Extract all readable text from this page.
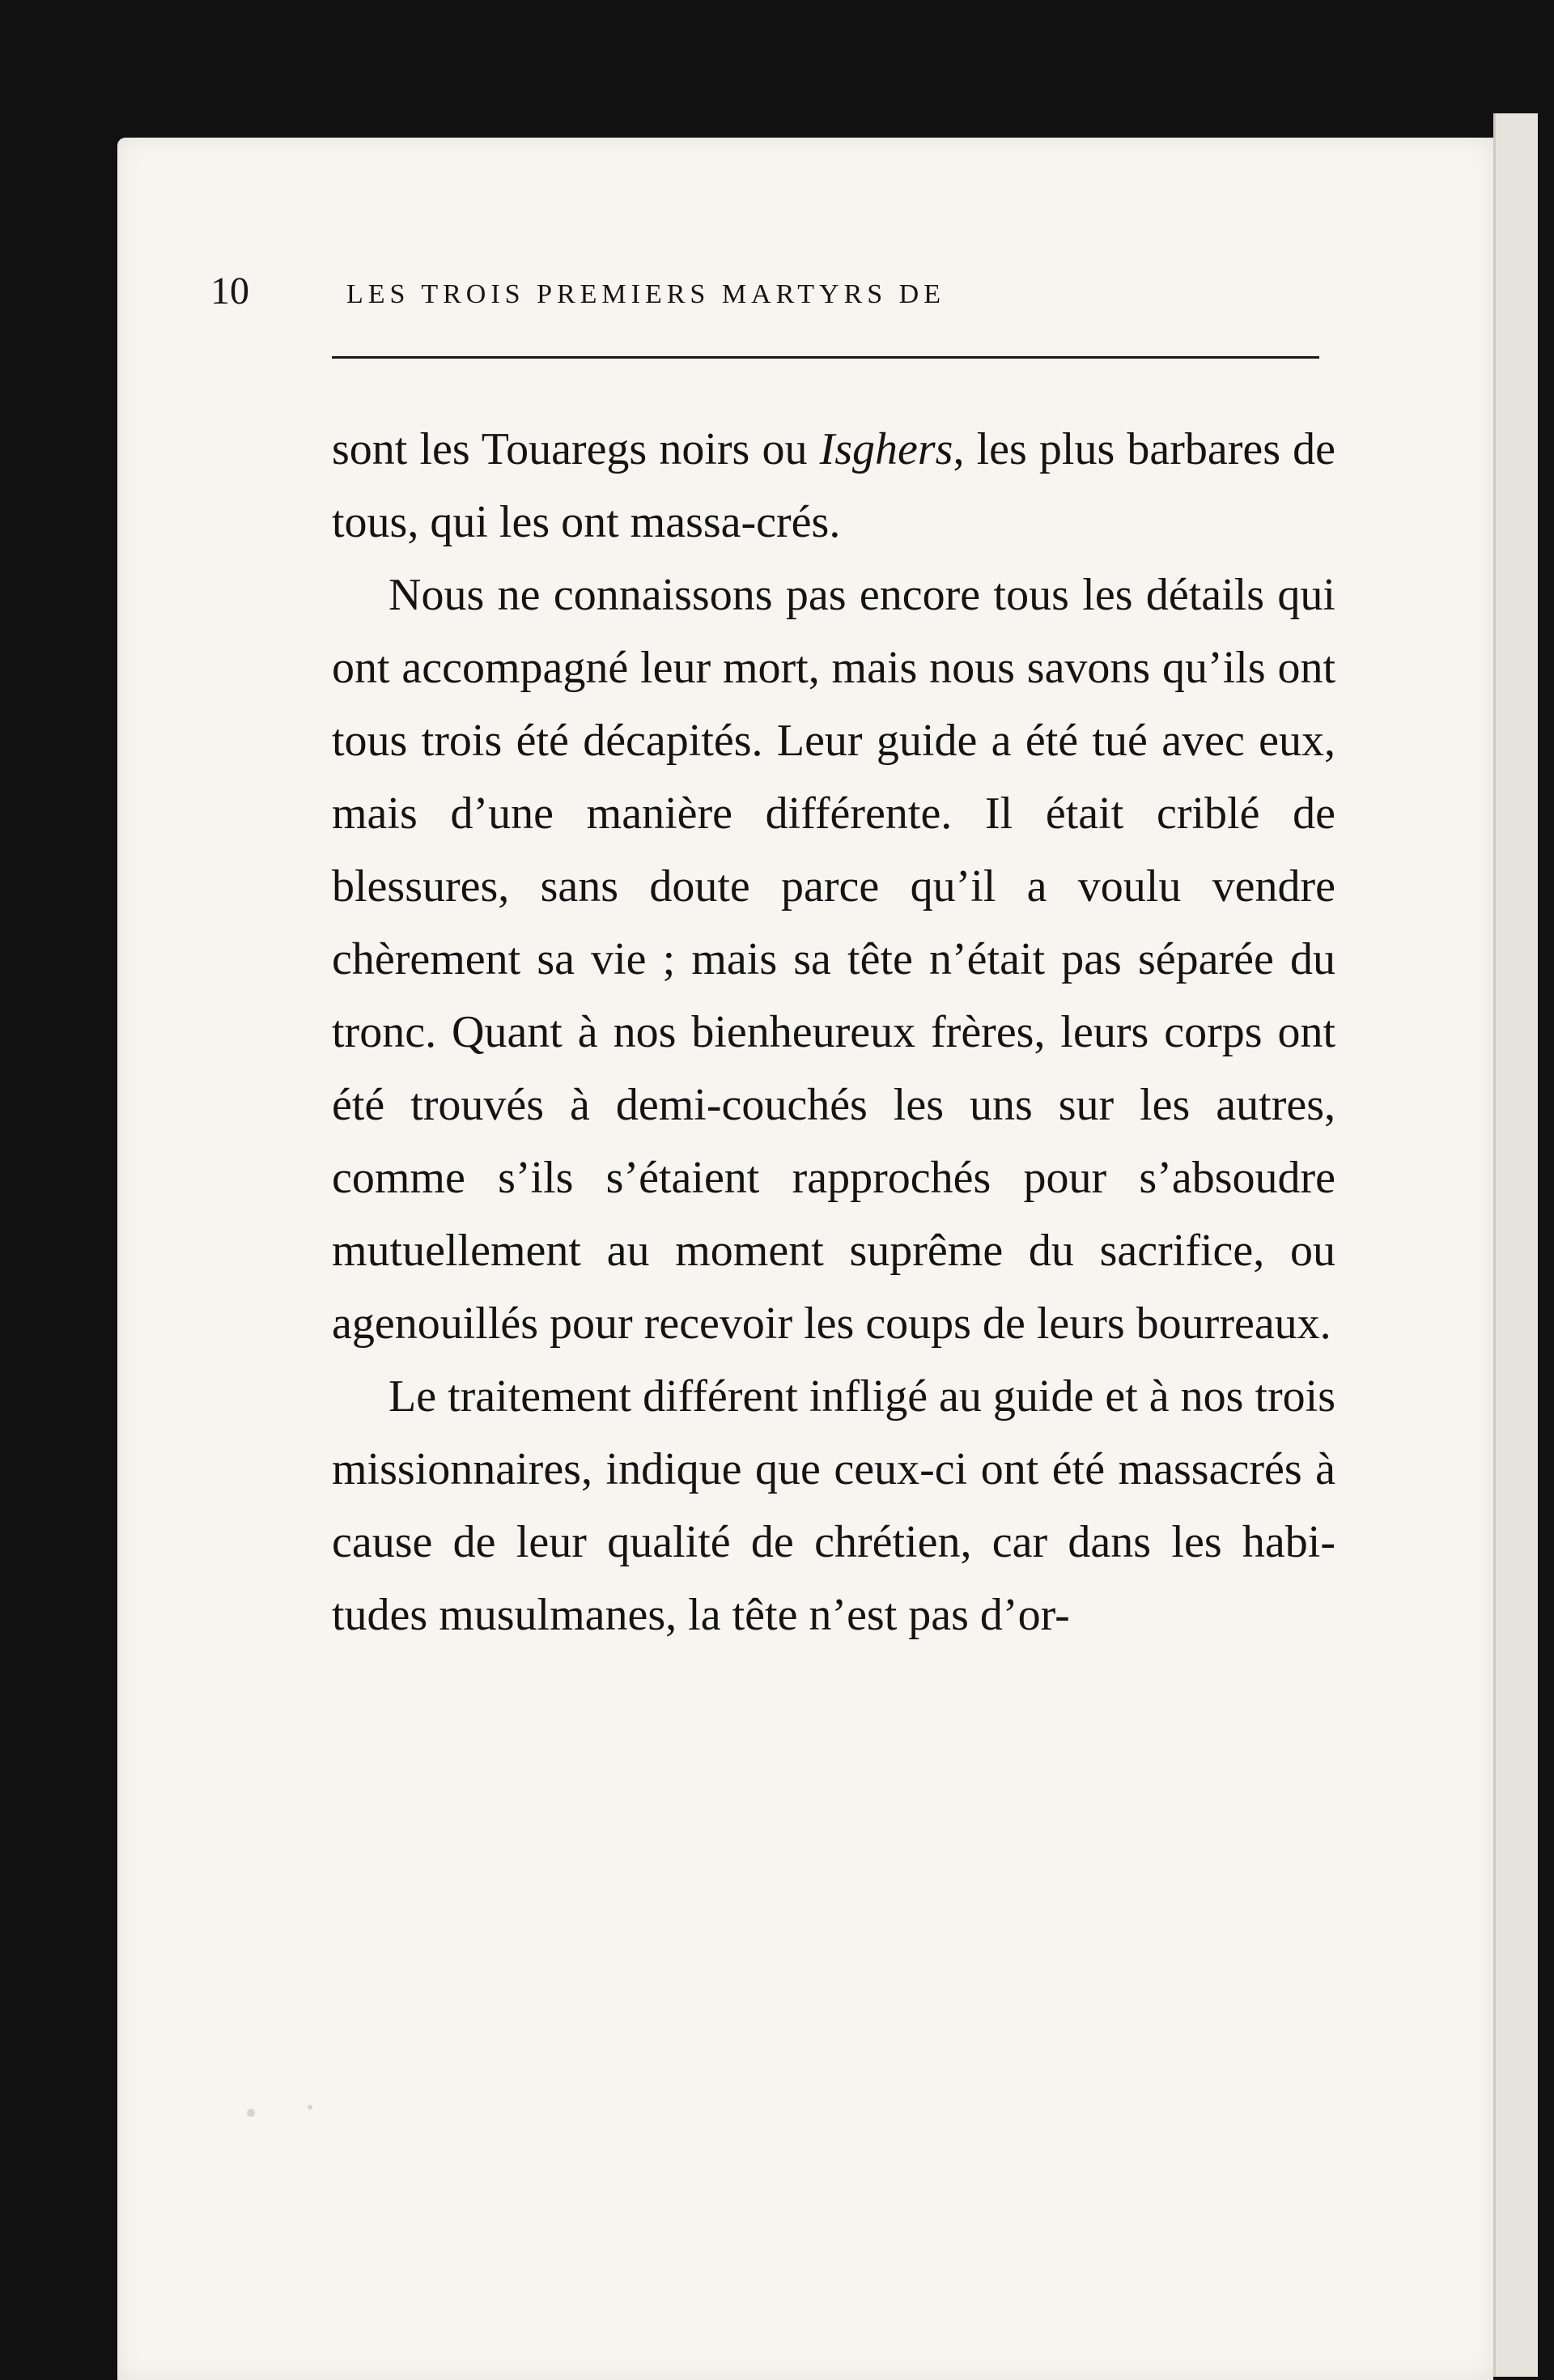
10	LES TROIS PREMIERS MARTYRS DE

sont les Touaregs noirs ou Isghers, les plus barbares de tous, qui les ont massa-crés.

Nous ne connaissons pas encore tous les détails qui ont accompagné leur mort, mais nous savons qu’ils ont tous trois été décapités. Leur guide a été tué avec eux, mais d’une manière différente. Il était criblé de blessures, sans doute parce qu’il a voulu vendre chèrement sa vie ; mais sa tête n’était pas séparée du tronc. Quant à nos bienheureux frères, leurs corps ont été trouvés à demi-couchés les uns sur les autres, comme s’ils s’étaient rapprochés pour s’absoudre mutuellement au moment suprême du sacrifice, ou agenouillés pour recevoir les coups de leurs bourreaux.

Le traitement différent infligé au guide et à nos trois missionnaires, indique que ceux-ci ont été massacrés à cause de leur qualité de chrétien, car dans les habi-tudes musulmanes, la tête n’est pas d’or-
